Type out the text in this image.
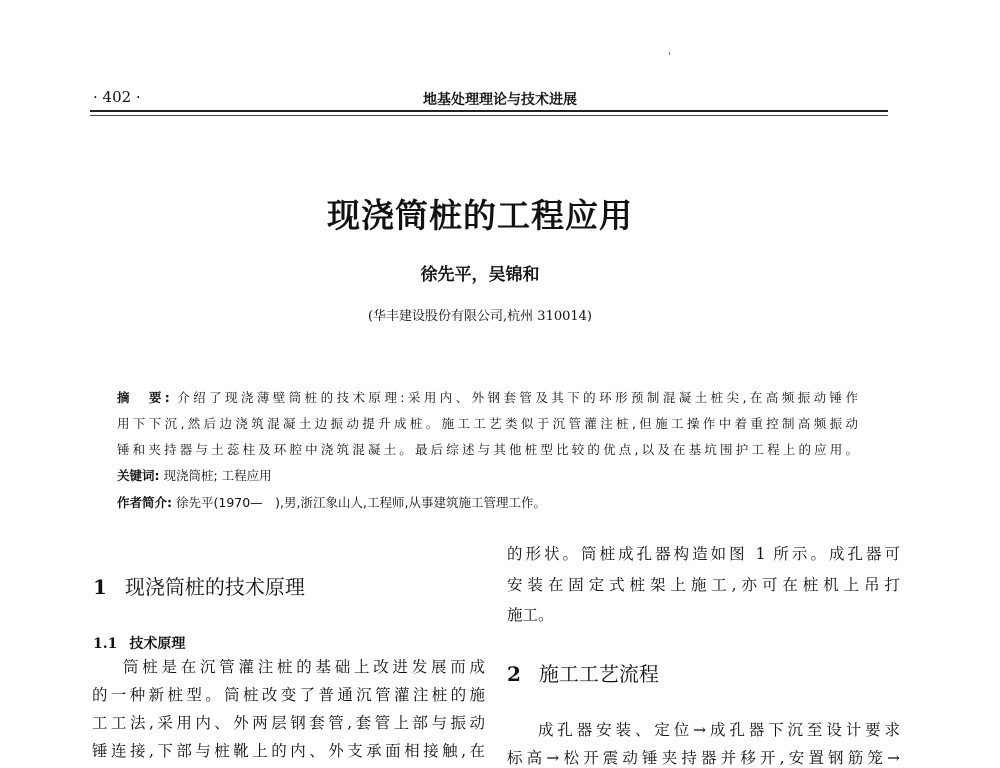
· 402 ·	地基处理理论与技术进展
现浇筒桩的工程应用
徐先平，吴锦和
(华丰建设股份有限公司,杭州 310014)
摘　要: 介绍了现浇薄壁筒桩的技术原理:采用内、外钢套管及其下的环形预制混凝土桩尖,在高频振动锤作
用下下沉,然后边浇筑混凝土边振动提升成桩。施工工艺类似于沉管灌注桩,但施工操作中着重控制高频振动
锤和夹持器与土蕊柱及环腔中浇筑混凝土。最后综述与其他桩型比较的优点,以及在基坑围护工程上的应用。
关键词: 现浇筒桩; 工程应用
作者简介: 徐先平(1970—　),男,浙江象山人,工程师,从事建筑施工管理工作。
1 现浇筒桩的技术原理
1.1 技术原理
筒桩是在沉管灌注桩的基础上改进发展而成
的一种新桩型。筒桩改变了普通沉管灌注桩的施
工工法,采用内、外两层钢套管,套管上部与振动
锤连接,下部与桩靴上的内、外支承面相接触,在
的形状。筒桩成孔器构造如图 1 所示。成孔器可
安装在固定式桩架上施工,亦可在桩机上吊打
施工。
2 施工工艺流程
成孔器安装、定位→成孔器下沉至设计要求
标高→松开震动锤夹持器并移开,安置钢筋笼→
